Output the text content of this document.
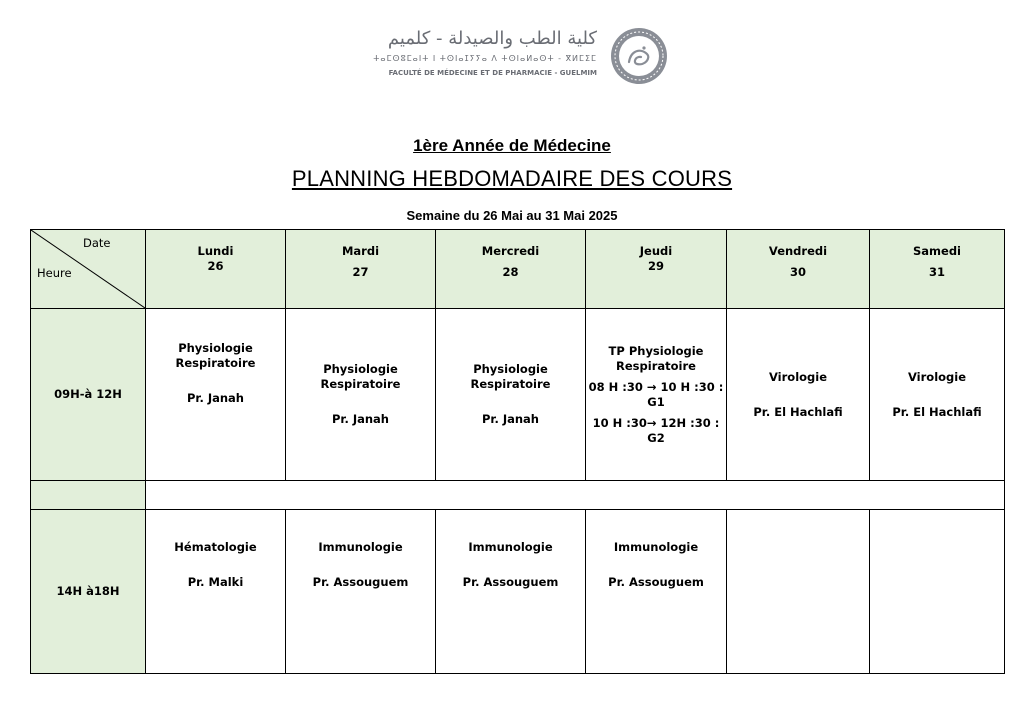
كلية الطب والصيدلة - كلميم
ⵜⴰⵎⵙⵓⵎⴰⵏⵜ ⵏ ⵜⵙⵏⴰⵊⵢⵢⴰ ⴷ ⵜⵙⵏⴰⵍⴰⵙⵜ - ⴳⵍⵎⵉⵎ
FACULTÉ DE MÉDECINE ET DE PHARMACIE - GUELMIM
1ère Année de Médecine
PLANNING HEBDOMADAIRE DES COURS
Semaine du 26 Mai au 31 Mai 2025
Date
Heure

Lundi

26

Mardi

27

Mercredi

28

Jeudi

29

Vendredi

30

Samedi

31

09H-à 12H

Physiologie

Respiratoire

Pr. Janah

Physiologie

Respiratoire

Pr. Janah

Physiologie

Respiratoire

Pr. Janah

TP Physiologie

Respiratoire

08 H :30 → 10 H :30 :

G1

10 H :30→ 12H :30 :

G2

Virologie

Pr. El Hachlafi

Virologie

Pr. El Hachlafi

14H à18H

Hématologie

Pr. Malki

Immunologie

Pr. Assouguem

Immunologie

Pr. Assouguem

Immunologie

Pr. Assouguem
